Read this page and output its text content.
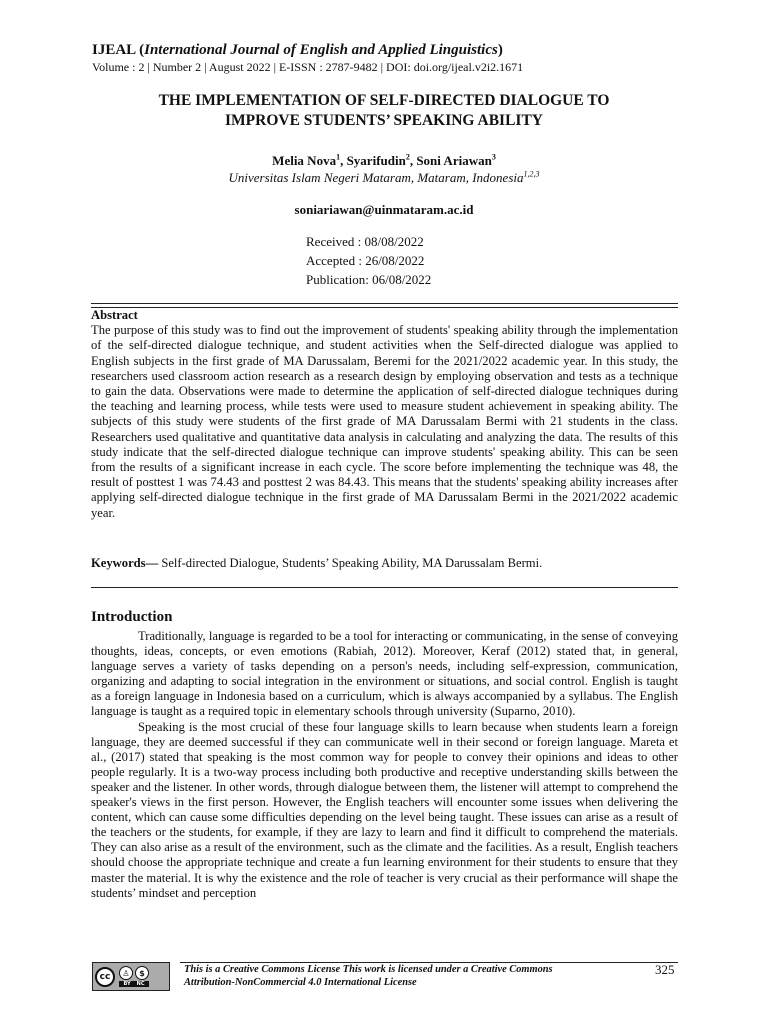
IJEAL (International Journal of English and Applied Linguistics)
Volume : 2 | Number 2 | August 2022 | E-ISSN : 2787-9482 | DOI: doi.org/ijeal.v2i2.1671
THE IMPLEMENTATION OF SELF-DIRECTED DIALOGUE TO
IMPROVE STUDENTS’ SPEAKING ABILITY
Melia Nova$^1$, Syarifudin$^2$, Soni Ariawan$^3$
Universitas Islam Negeri Mataram, Mataram, Indonesia$^{1,2,3}$
soniariawan@uinmataram.ac.id
Received : 08/08/2022
Accepted : 26/08/2022
Publication: 06/08/2022
Abstract

The purpose of this study was to find out the improvement of students' speaking ability through the implementation of the self-directed dialogue technique, and student activities when the Self-directed dialogue was applied to English subjects in the first grade of MA Darussalam, Beremi for the 2021/2022 academic year. In this study, the researchers used classroom action research as a research design by employing observation and tests as a technique to gain the data. Observations were made to determine the application of self-directed dialogue techniques during the teaching and learning process, while tests were used to measure student achievement in speaking ability. The subjects of this study were students of the first grade of MA Darussalam Bermi with 21 students in the class. Researchers used qualitative and quantitative data analysis in calculating and analyzing the data. The results of this study indicate that the self-directed dialogue technique can improve students' speaking ability. This can be seen from the results of a significant increase in each cycle. The score before implementing the technique was 48, the result of posttest 1 was 74.43 and posttest 2 was 84.43. This means that the students' speaking ability increases after applying self-directed dialogue technique in the first grade of MA Darussalam Bermi in the 2021/2022 academic year.

Keywords— Self-directed Dialogue, Students’ Speaking Ability, MA Darussalam Bermi.
Introduction

Traditionally, language is regarded to be a tool for interacting or communicating, in the sense of conveying thoughts, ideas, concepts, or even emotions (Rabiah, 2012). Moreover, Keraf (2012) stated that, in general, language serves a variety of tasks depending on a person's needs, including self-expression, communication, organizing and adapting to social integration in the environment or situations, and social control. English is taught as a foreign language in Indonesia based on a curriculum, which is always accompanied by a syllabus. The English language is taught as a required topic in elementary schools through university (Suparno, 2010).

Speaking is the most crucial of these four language skills to learn because when students learn a foreign language, they are deemed successful if they can communicate well in their second or foreign language. Mareta et al., (2017) stated that speaking is the most common way for people to convey their opinions and ideas to other people regularly. It is a two-way process including both productive and receptive understanding skills between the speaker and the listener. In other words, through dialogue between them, the listener will attempt to comprehend the speaker's views in the first person. However, the English teachers will encounter some issues when delivering the content, which can cause some difficulties depending on the level being taught. These issues can arise as a result of the teachers or the students, for example, if they are lazy to learn and find it difficult to comprehend the materials. They can also arise as a result of the environment, such as the climate and the facilities. As a result, English teachers should choose the appropriate technique and create a fun learning environment for their students to ensure that they master the material. It is why the existence and the role of teacher is very crucial as their performance will shape the students’ mindset and perception

cc	♙	$
BY NC
This is a Creative Commons License This work is licensed under a Creative Commons
Attribution-NonCommercial 4.0 International License
325
